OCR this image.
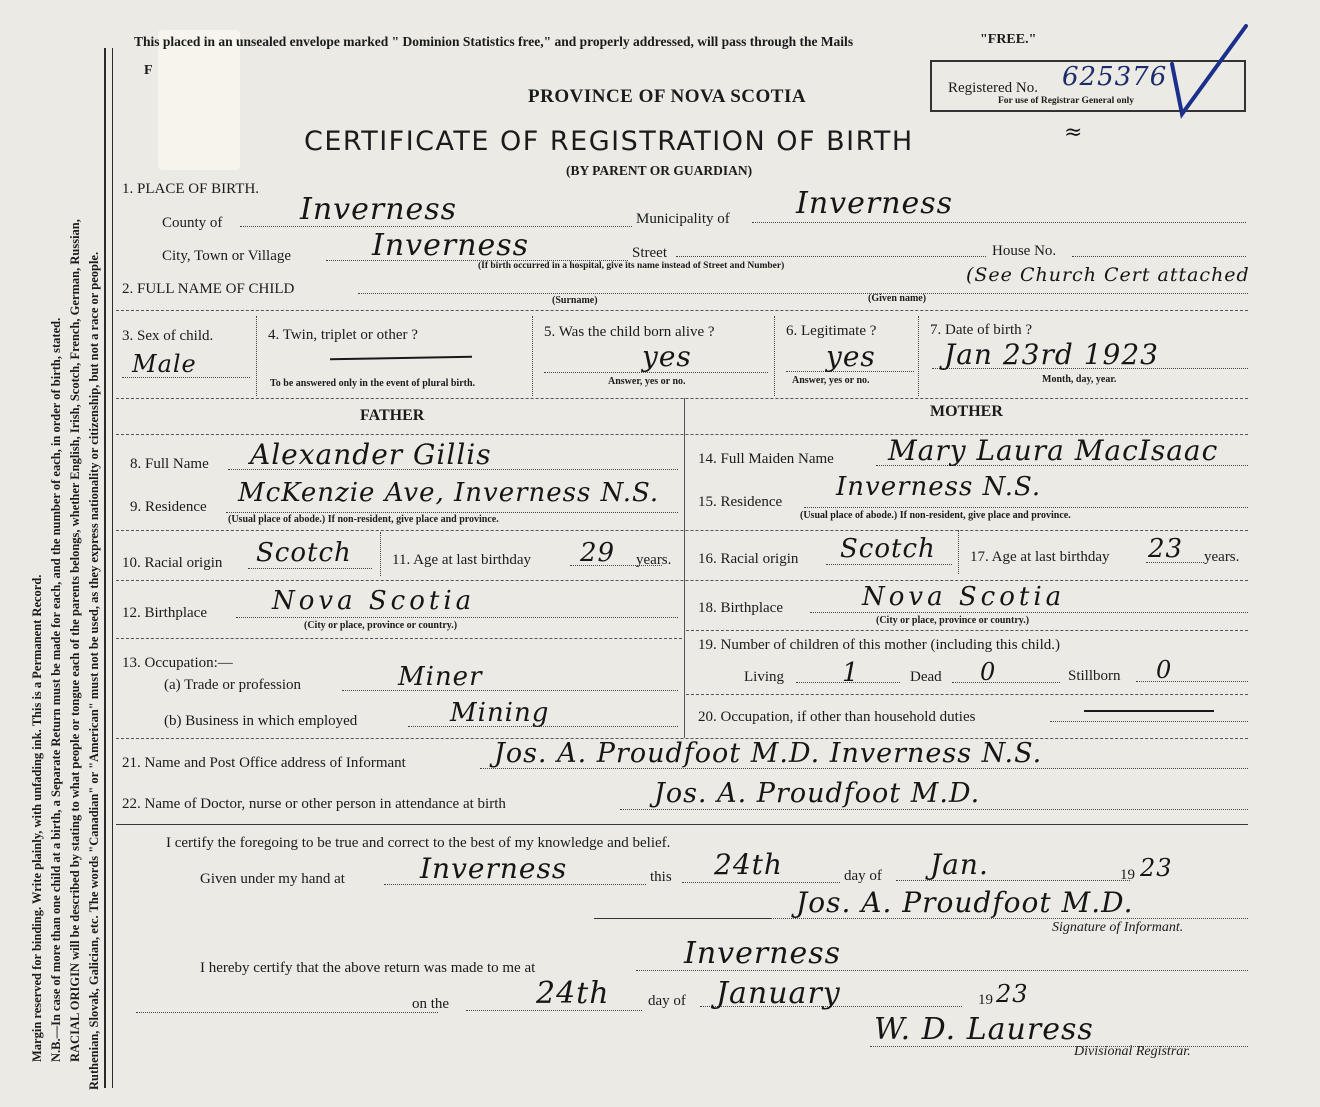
Margin reserved for binding. Write plainly, with unfading ink. This is a Permanent Record. N.B.—In case of more than one child at a birth, a Separate Return must be made for each, and the number of each, in order of birth, stated. RACIAL ORIGIN will be described by stating to what people or tongue each of the parents belongs, whether English, Irish, Scotch, French, German, Russian, Ruthenian, Slovak, Galician, etc. The words "Canadian" or "American" must not be used, as they express nationality or citizenship, but not a race or people.
This placed in an unsealed envelope marked " Dominion Statistics free," and properly addressed, will pass through the Mails	"FREE."
F
PROVINCE OF NOVA SCOTIA
CERTIFICATE OF REGISTRATION OF BIRTH
(BY PARENT OR GUARDIAN)
Registered No. 625376
For use of Registrar General only
≈
1. PLACE OF BIRTH.
County of	Inverness	Municipality of Inverness
City, Town or Village	Inverness	Street
(If birth occurred in a hospital, give its name instead of Street and Number)
House No.
2. FULL NAME OF CHILD
(Surname)	(Given name)
(See Church Cert attached
3. Sex of child.
Male
4. Twin, triplet or other ?
To be answered only in the event of plural birth.
5. Was the child born alive ?
yes
Answer, yes or no.
6. Legitimate ?
yes
Answer, yes or no.
7. Date of birth ?
Jan 23rd 1923
Month, day, year.
FATHER	MOTHER
8. Full Name Alexander Gillis	14. Full Maiden Name Mary Laura MacIsaac
9. Residence McKenzie Ave, Inverness N.S.
(Usual place of abode.) If non-resident, give place and province.
15. Residence Inverness N.S.
(Usual place of abode.) If non-resident, give place and province.
10. Racial origin Scotch	11. Age at last birthday 29 years. 16. Racial origin Scotch 17. Age at last birthday 23 years.
12. Birthplace	Nova Scotia
(City or place, province or country.)
18. Birthplace	Nova Scotia
(City or place, province or country.)
13. Occupation:—
(a) Trade or profession	Miner
(b) Business in which employed	Mining
19. Number of children of this mother (including this child.)
Living 1	Dead 0	Stillborn 0
20. Occupation, if other than household duties
21. Name and Post Office address of Informant	Jos. A. Proudfoot M.D. Inverness N.S.
22. Name of Doctor, nurse or other person in attendance at birth	Jos. A. Proudfoot M.D.
I certify the foregoing to be true and correct to the best of my knowledge and belief.
Given under my hand at	Inverness	this 24th	day of Jan.	19 23
Jos. A. Proudfoot M.D.
Signature of Informant.
I hereby certify that the above return was made to me at	Inverness
on the	24th	day of January	19 23
W. D. Lauress
Divisional Registrar.
